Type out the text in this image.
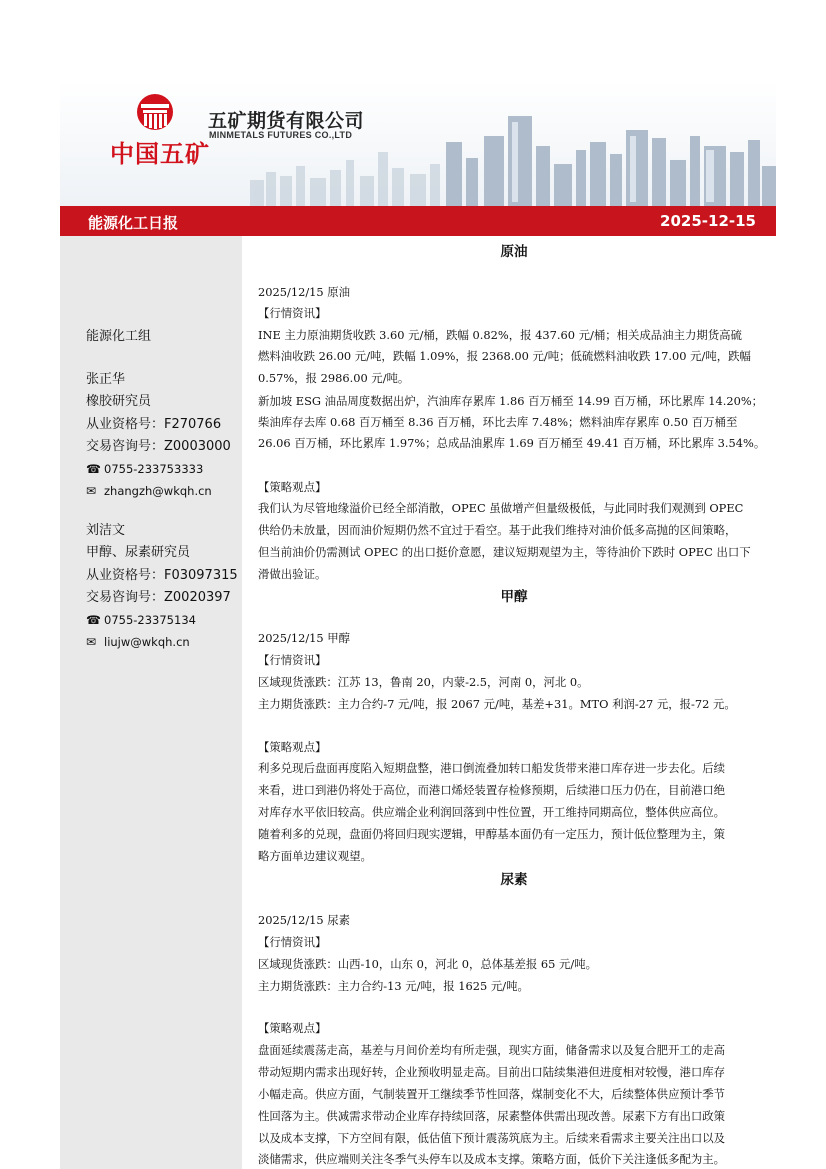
中国五矿
五矿期货有限公司
MINMETALS FUTURES CO.,LTD
能源化工日报	2025-12-15
能源化工组
张正华
橡胶研究员
从业资格号：F270766
交易咨询号：Z0003000
☎ 0755-233753333
✉ zhangzh@wkqh.cn
刘洁文
甲醇、尿素研究员
从业资格号：F03097315
交易咨询号：Z0020397
☎ 0755-23375134
✉ liujw@wkqh.cn
原油
2025/12/15 原油
【行情资讯】
INE 主力原油期货收跌 3.60 元/桶，跌幅 0.82%，报 437.60 元/桶；相关成品油主力期货高硫
燃料油收跌 26.00 元/吨，跌幅 1.09%，报 2368.00 元/吨；低硫燃料油收跌 17.00 元/吨，跌幅
0.57%，报 2986.00 元/吨。
新加坡 ESG 油品周度数据出炉，汽油库存累库 1.86 百万桶至 14.99 百万桶，环比累库 14.20%；
柴油库存去库 0.68 百万桶至 8.36 百万桶，环比去库 7.48%；燃料油库存累库 0.50 百万桶至
26.06 百万桶，环比累库 1.97%；总成品油累库 1.69 百万桶至 49.41 百万桶，环比累库 3.54%。
【策略观点】
我们认为尽管地缘溢价已经全部消散，OPEC 虽做增产但量级极低，与此同时我们观测到 OPEC
供给仍未放量，因而油价短期仍然不宜过于看空。基于此我们维持对油价低多高抛的区间策略，
但当前油价仍需测试 OPEC 的出口挺价意愿，建议短期观望为主，等待油价下跌时 OPEC 出口下
滑做出验证。
甲醇
2025/12/15 甲醇
【行情资讯】
区域现货涨跌：江苏 13，鲁南 20，内蒙-2.5，河南 0，河北 0。
主力期货涨跌：主力合约-7 元/吨，报 2067 元/吨，基差+31。MTO 利润-27 元，报-72 元。
【策略观点】
利多兑现后盘面再度陷入短期盘整，港口倒流叠加转口船发货带来港口库存进一步去化。后续
来看，进口到港仍将处于高位，而港口烯烃装置存检修预期，后续港口压力仍在，目前港口绝
对库存水平依旧较高。供应端企业利润回落到中性位置，开工维持同期高位，整体供应高位。
随着利多的兑现，盘面仍将回归现实逻辑，甲醇基本面仍有一定压力，预计低位整理为主，策
略方面单边建议观望。
尿素
2025/12/15 尿素
【行情资讯】
区域现货涨跌：山西-10，山东 0，河北 0，总体基差报 65 元/吨。
主力期货涨跌：主力合约-13 元/吨，报 1625 元/吨。
【策略观点】
盘面延续震荡走高，基差与月间价差均有所走强，现实方面，储备需求以及复合肥开工的走高
带动短期内需求出现好转，企业预收明显走高。目前出口陆续集港但进度相对较慢，港口库存
小幅走高。供应方面，气制装置开工继续季节性回落，煤制变化不大，后续整体供应预计季节
性回落为主。供减需求带动企业库存持续回落，尿素整体供需出现改善。尿素下方有出口政策
以及成本支撑，下方空间有限，低估值下预计震荡筑底为主。后续来看需求主要关注出口以及
淡储需求，供应端则关注冬季气头停车以及成本支撑。策略方面，低价下关注逢低多配为主。
